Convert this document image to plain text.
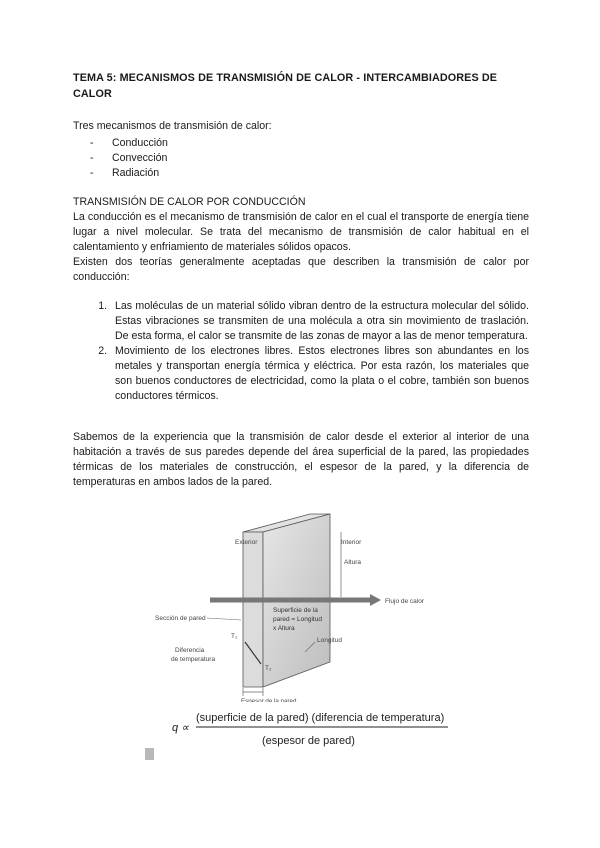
TEMA 5: MECANISMOS DE TRANSMISIÓN DE CALOR - INTERCAMBIADORES DE CALOR

Tres mecanismos de transmisión de calor:

- Conducción
- Convección
- Radiación

TRANSMISIÓN DE CALOR POR CONDUCCIÓN

La conducción es el mecanismo de transmisión de calor en el cual el transporte de energía tiene lugar a nivel molecular. Se trata del mecanismo de transmisión de calor habitual en el calentamiento y enfriamiento de materiales sólidos opacos.

Existen dos teorías generalmente aceptadas que describen la transmisión de calor por conducción:

1. Las moléculas de un material sólido vibran dentro de la estructura molecular del sólido. Estas vibraciones se transmiten de una molécula a otra sin movimiento de traslación. De esta forma, el calor se transmite de las zonas de mayor a las de menor temperatura.
2. Movimiento de los electrones libres. Estos electrones libres son abundantes en los metales y transportan energía térmica y eléctrica. Por esta razón, los materiales que son buenos conductores de electricidad, como la plata o el cobre, también son buenos conductores térmicos.

Sabemos de la experiencia que la transmisión de calor desde el exterior al interior de una habitación a través de sus paredes depende del área superficial de la pared, las propiedades térmicas de los materiales de construcción, el espesor de la pared, y la diferencia de temperaturas en ambos lados de la pared.

Exterior	Interior
Altura
Flujo de calor
Superficie de la
pared = Longitud
x Altura
Sección de pared
T₁
T₂
Diferencia
de temperatura
Longitud
Espesor de la pared
q ∝
(superficie de la pared) (diferencia de temperatura)
(espesor de pared)
